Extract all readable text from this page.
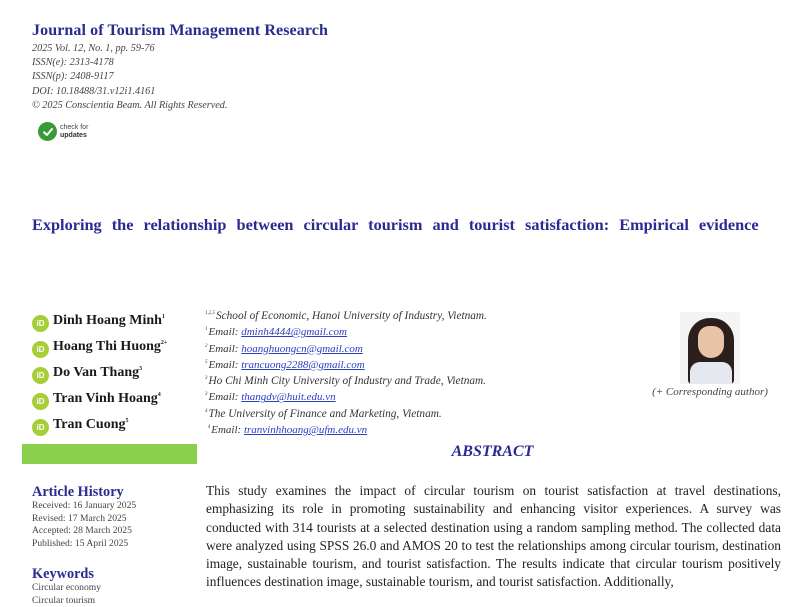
Journal of Tourism Management Research
2025 Vol. 12, No. 1, pp. 59-76
ISSN(e): 2313-4178
ISSN(p): 2408-9117
DOI: 10.18488/31.v12i1.4161
© 2025 Conscientia Beam. All Rights Reserved.
check for
updates
Exploring the relationship between circular tourism and tourist satisfaction: Empirical evidence
iD Dinh Hoang Minh$^1$
iD Hoang Thi Huong$^{2+}$
iD Do Van Thang$^3$
iD Tran Vinh Hoang$^4$
iD Tran Cuong$^5$
$^{1,2,5}$School of Economic, Hanoi University of Industry, Vietnam.
$^1$Email: dminh4444@gmail.com
$^2$Email: hoanghuongcn@gmail.com
$^5$Email: trancuong2288@gmail.com
$^3$Ho Chi Minh City University of Industry and Trade, Vietnam.
$^3$Email: thangdv@huit.edu.vn
$^4$The University of Finance and Marketing, Vietnam.
$^4$Email: tranvinhhoang@ufm.edu.vn
(+ Corresponding author)
Article History
Received: 16 January 2025
Revised: 17 March 2025
Accepted: 28 March 2025
Published: 15 April 2025
Keywords
Circular economy
Circular tourism
ABSTRACT

This study examines the impact of circular tourism on tourist satisfaction at travel destinations, emphasizing its role in promoting sustainability and enhancing visitor experiences. A survey was conducted with 314 tourists at a selected destination using a random sampling method. The collected data were analyzed using SPSS 26.0 and AMOS 20 to test the relationships among circular tourism, destination image, sustainable tourism, and tourist satisfaction. The results indicate that circular tourism positively influences destination image, sustainable tourism, and tourist satisfaction. Additionally,
